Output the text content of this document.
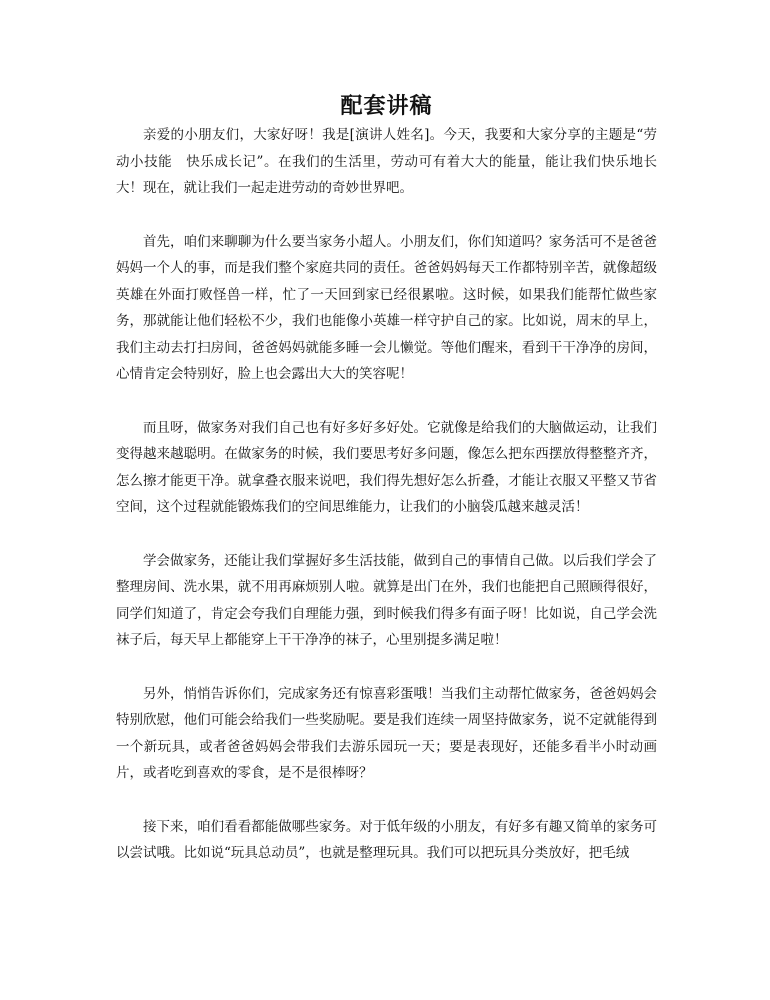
配套讲稿

亲爱的小朋友们，大家好呀！我是[演讲人姓名]。今天，我要和大家分享的主题是“劳动小技能　快乐成长记”。在我们的生活里，劳动可有着大大的能量，能让我们快乐地长大！现在，就让我们一起走进劳动的奇妙世界吧。

首先，咱们来聊聊为什么要当家务小超人。小朋友们，你们知道吗？家务活可不是爸爸妈妈一个人的事，而是我们整个家庭共同的责任。爸爸妈妈每天工作都特别辛苦，就像超级英雄在外面打败怪兽一样，忙了一天回到家已经很累啦。这时候，如果我们能帮忙做些家务，那就能让他们轻松不少，我们也能像小英雄一样守护自己的家。比如说，周末的早上，我们主动去打扫房间，爸爸妈妈就能多睡一会儿懒觉。等他们醒来，看到干干净净的房间，心情肯定会特别好，脸上也会露出大大的笑容呢！

而且呀，做家务对我们自己也有好多好多好处。它就像是给我们的大脑做运动，让我们变得越来越聪明。在做家务的时候，我们要思考好多问题，像怎么把东西摆放得整整齐齐，怎么擦才能更干净。就拿叠衣服来说吧，我们得先想好怎么折叠，才能让衣服又平整又节省空间，这个过程就能锻炼我们的空间思维能力，让我们的小脑袋瓜越来越灵活！

学会做家务，还能让我们掌握好多生活技能，做到自己的事情自己做。以后我们学会了整理房间、洗水果，就不用再麻烦别人啦。就算是出门在外，我们也能把自己照顾得很好，同学们知道了，肯定会夸我们自理能力强，到时候我们得多有面子呀！比如说，自己学会洗袜子后，每天早上都能穿上干干净净的袜子，心里别提多满足啦！

另外，悄悄告诉你们，完成家务还有惊喜彩蛋哦！当我们主动帮忙做家务，爸爸妈妈会特别欣慰，他们可能会给我们一些奖励呢。要是我们连续一周坚持做家务，说不定就能得到一个新玩具，或者爸爸妈妈会带我们去游乐园玩一天；要是表现好，还能多看半小时动画片，或者吃到喜欢的零食，是不是很棒呀？

接下来，咱们看看都能做哪些家务。对于低年级的小朋友，有好多有趣又简单的家务可以尝试哦。比如说“玩具总动员”，也就是整理玩具。我们可以把玩具分类放好，把毛绒
